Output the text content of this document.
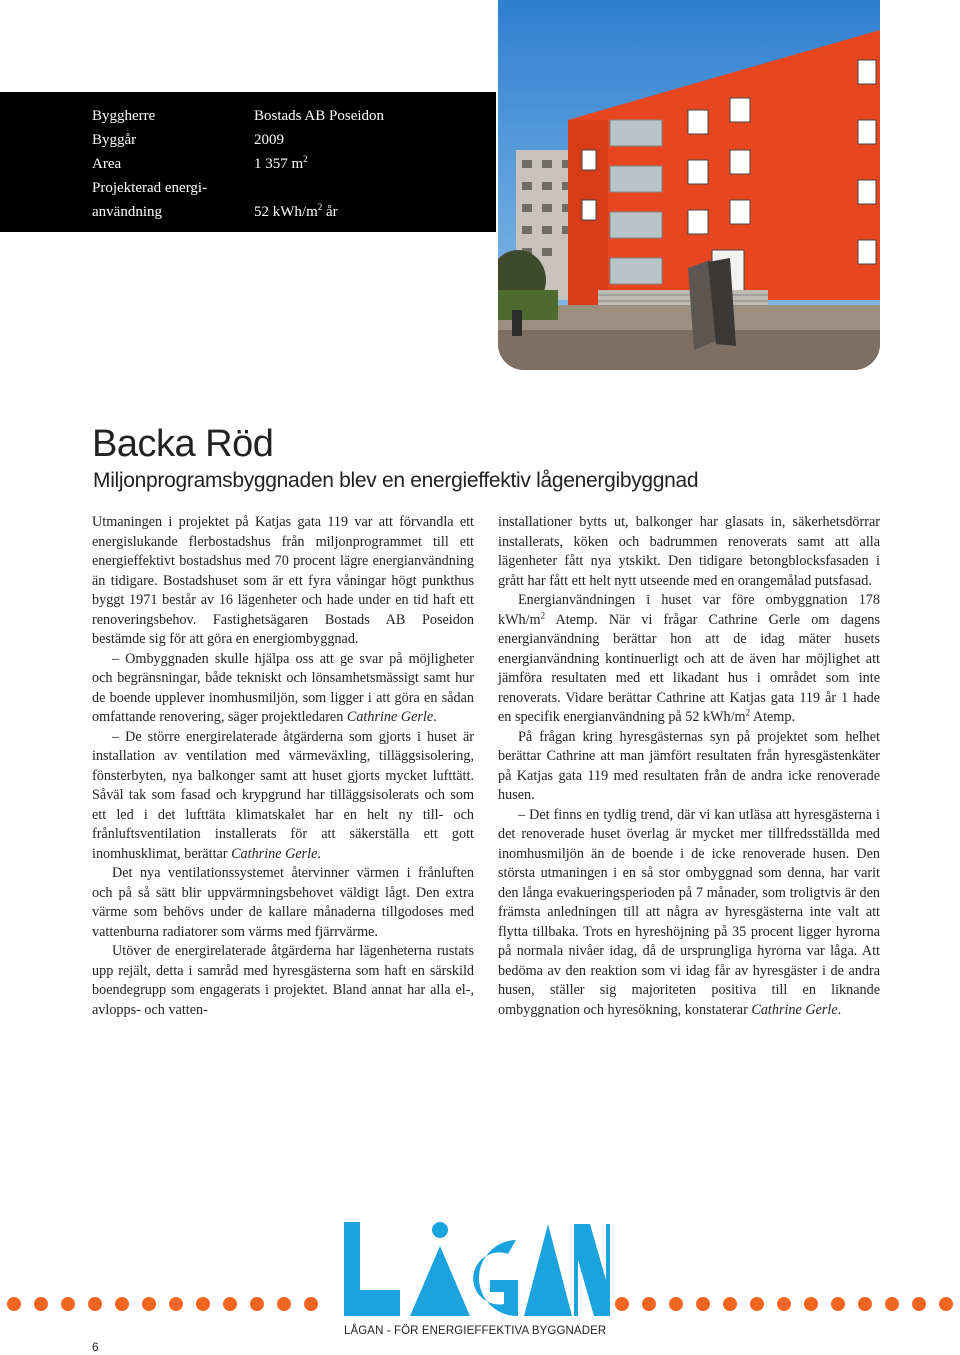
Byggherre	Bostads AB Poseidon
Byggår	2009
Area	1 357 $m^2$
Projekterad energi-
användning	52 kWh/$m^2$ år
Backa Röd
Miljonprogramsbyggnaden blev en energieffektiv lågenergibyggnad

Utmaningen i projektet på Katjas gata 119 var att förvandla ett energislukande flerbostadshus från miljonprogrammet till ett energieffektivt bostadshus med 70 procent lägre energianvändning än tidigare. Bostadshuset som är ett fyra våningar högt punkthus byggt 1971 består av 16 lägenheter och hade under en tid haft ett renoveringsbehov. Fastighetsägaren Bostads AB Poseidon bestämde sig för att göra en energiombyggnad.

– Ombyggnaden skulle hjälpa oss att ge svar på möjligheter och begränsningar, både tekniskt och lönsamhetsmässigt samt hur de boende upplever inomhusmiljön, som ligger i att göra en sådan omfattande renovering, säger projektledaren Cathrine Gerle.

– De större energirelaterade åtgärderna som gjorts i huset är installation av ventilation med värmeväxling, tilläggsisolering, fönsterbyten, nya balkonger samt att huset gjorts mycket lufttätt. Såväl tak som fasad och krypgrund har tilläggsisolerats och som ett led i det lufttäta klimatskalet har en helt ny till- och frånluftsventilation installerats för att säkerställa ett gott inomhusklimat, berättar Cathrine Gerle.

Det nya ventilationssystemet återvinner värmen i frånluften och på så sätt blir uppvärmningsbehovet väldigt lågt. Den extra värme som behövs under de kallare månaderna tillgodoses med vattenburna radiatorer som värms med fjärrvärme.

Utöver de energirelaterade åtgärderna har lägenheterna rustats upp rejält, detta i samråd med hyresgästerna som haft en särskild boendegrupp som engagerats i projektet. Bland annat har alla el-, avlopps- och vatten-

installationer bytts ut, balkonger har glasats in, säkerhetsdörrar installerats, köken och badrummen renoverats samt att alla lägenheter fått nya ytskikt. Den tidigare betongblocksfasaden i grått har fått ett helt nytt utseende med en orangemålad putsfasad.

Energianvändningen i huset var före ombyggnation 178 kWh/$m^2$ Atemp. När vi frågar Cathrine Gerle om dagens energianvändning berättar hon att de idag mäter husets energianvändning kontinuerligt och att de även har möjlighet att jämföra resultaten med ett likadant hus i området som inte renoverats. Vidare berättar Cathrine att Katjas gata 119 år 1 hade en specifik energianvändning på 52 kWh/$m^2$ Atemp.

På frågan kring hyresgästernas syn på projektet som helhet berättar Cathrine att man jämfört resultaten från hyresgästenkäter på Katjas gata 119 med resultaten från de andra icke renoverade husen.

– Det finns en tydlig trend, där vi kan utläsa att hyresgästerna i det renoverade huset överlag är mycket mer tillfredsställda med inomhusmiljön än de boende i de icke renoverade husen. Den största utmaningen i en så stor ombyggnad som denna, har varit den långa evakueringsperioden på 7 månader, som troligtvis är den främsta anledningen till att några av hyresgästerna inte valt att flytta tillbaka. Trots en hyreshöjning på 35 procent ligger hyrorna på normala nivåer idag, då de ursprungliga hyrorna var låga. Att bedöma av den reaktion som vi idag får av hyresgäster i de andra husen, ställer sig majoriteten positiva till en liknande ombyggnation och hyresökning, konstaterar Cathrine Gerle.

LÅGAN - FÖR ENERGIEFFEKTIVA BYGGNADER
6
